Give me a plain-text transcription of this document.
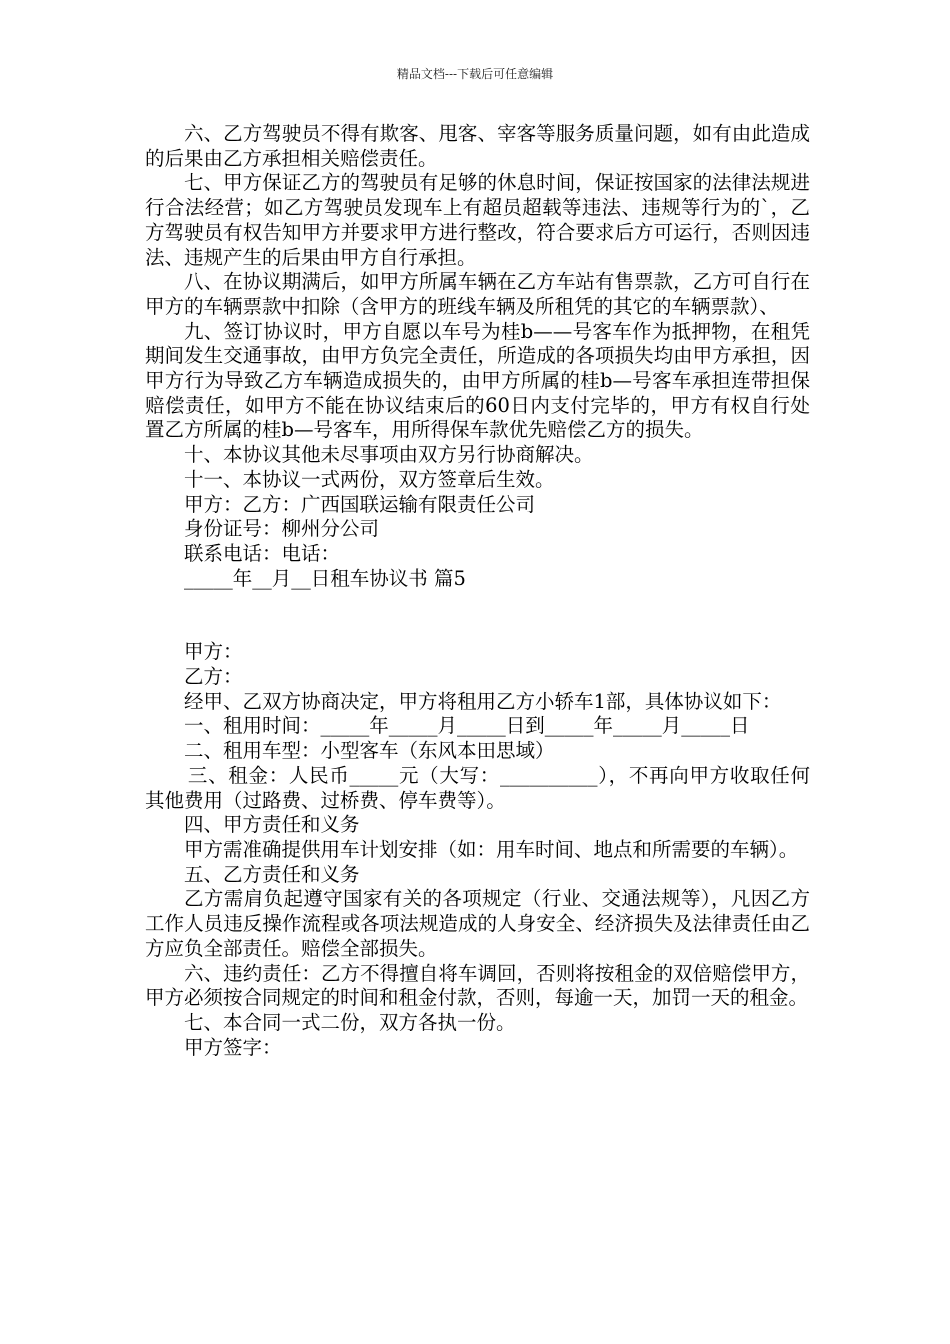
精品文档---下载后可任意编辑

六、乙方驾驶员不得有欺客、甩客、宰客等服务质量问题，如有由此造成的后果由乙方承担相关赔偿责任。

七、甲方保证乙方的驾驶员有足够的休息时间，保证按国家的法律法规进行合法经营；如乙方驾驶员发现车上有超员超载等违法、违规等行为的`，乙方驾驶员有权告知甲方并要求甲方进行整改，符合要求后方可运行，否则因违法、违规产生的后果由甲方自行承担。

八、在协议期满后，如甲方所属车辆在乙方车站有售票款，乙方可自行在甲方的车辆票款中扣除（含甲方的班线车辆及所租凭的其它的车辆票款）、

九、签订协议时，甲方自愿以车号为桂b——号客车作为抵押物，在租凭期间发生交通事故，由甲方负完全责任，所造成的各项损失均由甲方承担，因甲方行为导致乙方车辆造成损失的，由甲方所属的桂b—号客车承担连带担保赔偿责任，如甲方不能在协议结束后的60日内支付完毕的，甲方有权自行处置乙方所属的桂b—号客车，用所得保车款优先赔偿乙方的损失。

十、本协议其他未尽事项由双方另行协商解决。

十一、本协议一式两份，双方签章后生效。

甲方：乙方：广西国联运输有限责任公司

身份证号：柳州分公司

联系电话：电话：

_____年__月__日租车协议书 篇5

甲方：

乙方：

经甲、乙双方协商决定，甲方将租用乙方小轿车1部，具体协议如下：

一、租用时间：_____年_____月_____日到_____年_____月_____日

二、租用车型：小型客车（东风本田思域）

三、租金：人民币_____元（大写：__________），不再向甲方收取任何其他费用（过路费、过桥费、停车费等）。

四、甲方责任和义务

甲方需准确提供用车计划安排（如：用车时间、地点和所需要的车辆）。

五、乙方责任和义务

乙方需肩负起遵守国家有关的各项规定（行业、交通法规等），凡因乙方工作人员违反操作流程或各项法规造成的人身安全、经济损失及法律责任由乙方应负全部责任。赔偿全部损失。

六、违约责任：乙方不得擅自将车调回，否则将按租金的双倍赔偿甲方，甲方必须按合同规定的时间和租金付款，否则，每逾一天，加罚一天的租金。

七、本合同一式二份，双方各执一份。

甲方签字：
